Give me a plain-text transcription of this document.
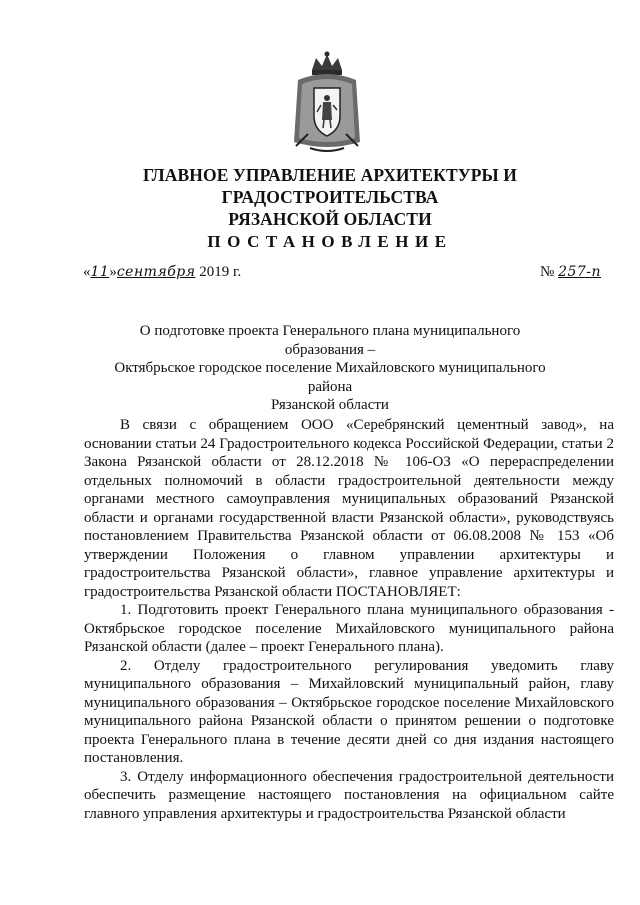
ГЛАВНОЕ УПРАВЛЕНИЕ АРХИТЕКТУРЫ И ГРАДОСТРОИТЕЛЬСТВА
РЯЗАНСКОЙ ОБЛАСТИ
ПОСТАНОВЛЕНИЕ
«11»сентября 2019 г.	№ 257-п
О подготовке проекта Генерального плана муниципального образования –
Октябрьское городское поселение Михайловского муниципального района
Рязанской области

В связи с обращением ООО «Серебрянский цементный завод», на основании статьи 24 Градостроительного кодекса Российской Федерации, статьи 2 Закона Рязанской области от 28.12.2018 № 106-ОЗ «О перераспределении отдельных полномочий в области градостроительной деятельности между органами местного самоуправления муниципальных образований Рязанской области и органами государственной власти Рязанской области», руководствуясь постановлением Правительства Рязанской области от 06.08.2008 № 153 «Об утверждении Положения о главном управлении архитектуры и градостроительства Рязанской области», главное управление архитектуры и градостроительства Рязанской области ПОСТАНОВЛЯЕТ:

1. Подготовить проект Генерального плана муниципального образования - Октябрьское городское поселение Михайловского муниципального района Рязанской области (далее – проект Генерального плана).

2. Отделу градостроительного регулирования уведомить главу муниципального образования – Михайловский муниципальный район, главу муниципального образования – Октябрьское городское поселение Михайловского муниципального района Рязанской области о принятом решении о подготовке проекта Генерального плана в течение десяти дней со дня издания настоящего постановления.

3. Отделу информационного обеспечения градостроительной деятельности обеспечить размещение настоящего постановления на официальном сайте главного управления архитектуры и градостроительства Рязанской области
